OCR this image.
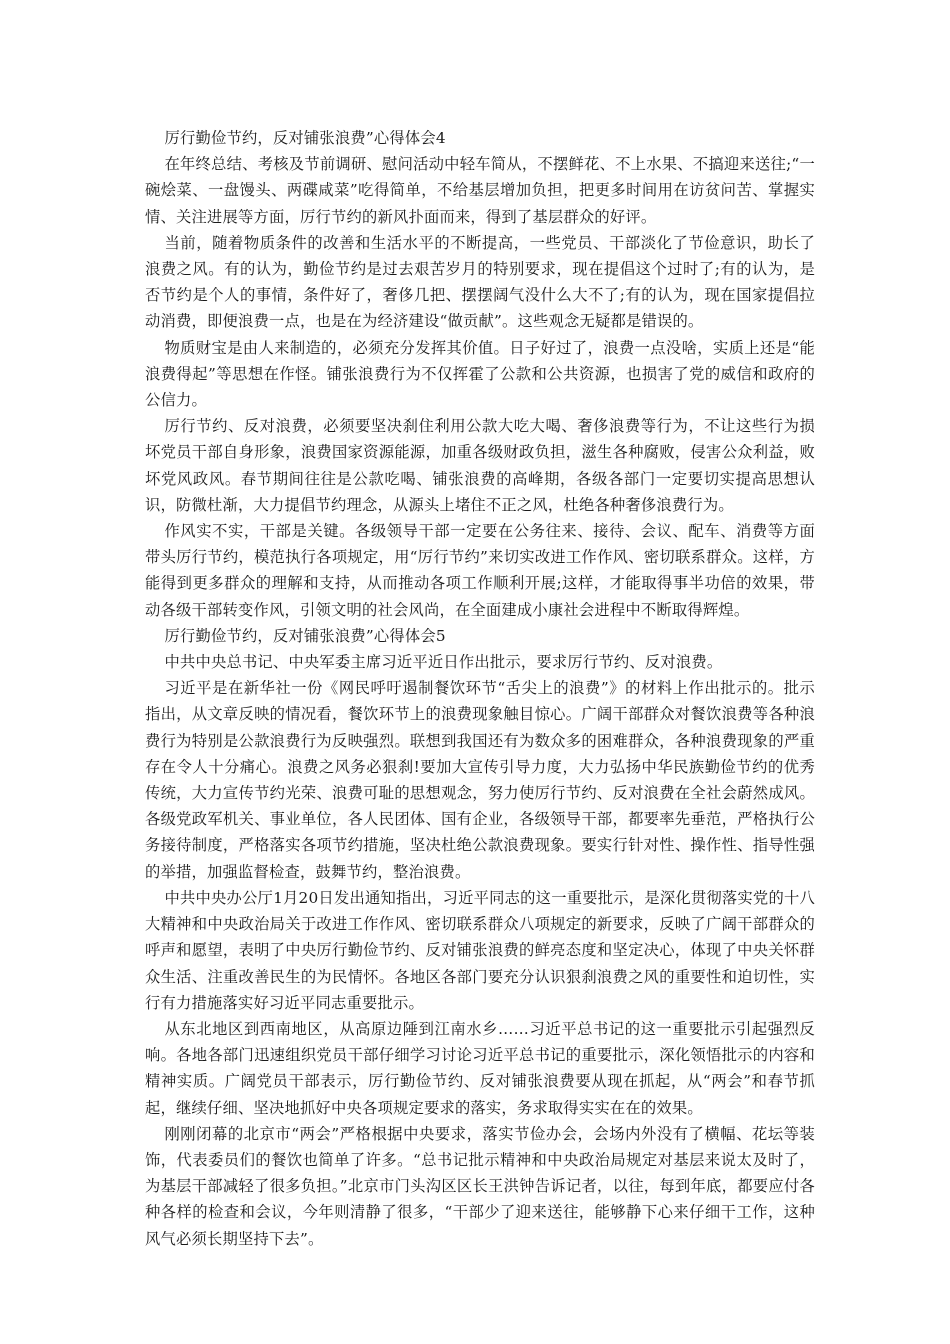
厉行勤俭节约，反对铺张浪费”心得体会4

在年终总结、考核及节前调研、慰问活动中轻车简从，不摆鲜花、不上水果、不搞迎来送往;“一碗烩菜、一盘馒头、两碟咸菜”吃得简单，不给基层增加负担，把更多时间用在访贫问苦、掌握实情、关注进展等方面，厉行节约的新风扑面而来，得到了基层群众的好评。

当前，随着物质条件的改善和生活水平的不断提高，一些党员、干部淡化了节俭意识，助长了浪费之风。有的认为，勤俭节约是过去艰苦岁月的特别要求，现在提倡这个过时了;有的认为，是否节约是个人的事情，条件好了，奢侈几把、摆摆阔气没什么大不了;有的认为，现在国家提倡拉动消费，即便浪费一点，也是在为经济建设“做贡献”。这些观念无疑都是错误的。

物质财宝是由人来制造的，必须充分发挥其价值。日子好过了，浪费一点没啥，实质上还是“能浪费得起”等思想在作怪。铺张浪费行为不仅挥霍了公款和公共资源，也损害了党的威信和政府的公信力。

厉行节约、反对浪费，必须要坚决刹住利用公款大吃大喝、奢侈浪费等行为，不让这些行为损坏党员干部自身形象，浪费国家资源能源，加重各级财政负担，滋生各种腐败，侵害公众利益，败坏党风政风。春节期间往往是公款吃喝、铺张浪费的高峰期，各级各部门一定要切实提高思想认识，防微杜渐，大力提倡节约理念，从源头上堵住不正之风，杜绝各种奢侈浪费行为。

作风实不实，干部是关键。各级领导干部一定要在公务往来、接待、会议、配车、消费等方面带头厉行节约，模范执行各项规定，用“厉行节约”来切实改进工作作风、密切联系群众。这样，方能得到更多群众的理解和支持，从而推动各项工作顺利开展;这样，才能取得事半功倍的效果，带动各级干部转变作风，引领文明的社会风尚，在全面建成小康社会进程中不断取得辉煌。

厉行勤俭节约，反对铺张浪费”心得体会5

中共中央总书记、中央军委主席习近平近日作出批示，要求厉行节约、反对浪费。

习近平是在新华社一份《网民呼吁遏制餐饮环节“舌尖上的浪费”》的材料上作出批示的。批示指出，从文章反映的情况看，餐饮环节上的浪费现象触目惊心。广阔干部群众对餐饮浪费等各种浪费行为特别是公款浪费行为反映强烈。联想到我国还有为数众多的困难群众，各种浪费现象的严重存在令人十分痛心。浪费之风务必狠刹!要加大宣传引导力度，大力弘扬中华民族勤俭节约的优秀传统，大力宣传节约光荣、浪费可耻的思想观念，努力使厉行节约、反对浪费在全社会蔚然成风。各级党政军机关、事业单位，各人民团体、国有企业，各级领导干部，都要率先垂范，严格执行公务接待制度，严格落实各项节约措施，坚决杜绝公款浪费现象。要实行针对性、操作性、指导性强的举措，加强监督检查，鼓舞节约，整治浪费。

中共中央办公厅1月20日发出通知指出，习近平同志的这一重要批示，是深化贯彻落实党的十八大精神和中央政治局关于改进工作作风、密切联系群众八项规定的新要求，反映了广阔干部群众的呼声和愿望，表明了中央厉行勤俭节约、反对铺张浪费的鲜亮态度和坚定决心，体现了中央关怀群众生活、注重改善民生的为民情怀。各地区各部门要充分认识狠刹浪费之风的重要性和迫切性，实行有力措施落实好习近平同志重要批示。

从东北地区到西南地区，从高原边陲到江南水乡……习近平总书记的这一重要批示引起强烈反响。各地各部门迅速组织党员干部仔细学习讨论习近平总书记的重要批示，深化领悟批示的内容和精神实质。广阔党员干部表示，厉行勤俭节约、反对铺张浪费要从现在抓起，从“两会”和春节抓起，继续仔细、坚决地抓好中央各项规定要求的落实，务求取得实实在在的效果。

刚刚闭幕的北京市“两会”严格根据中央要求，落实节俭办会，会场内外没有了横幅、花坛等装饰，代表委员们的餐饮也简单了许多。“总书记批示精神和中央政治局规定对基层来说太及时了，为基层干部减轻了很多负担。”北京市门头沟区区长王洪钟告诉记者，以往，每到年底，都要应付各种各样的检查和会议，今年则清静了很多，“干部少了迎来送往，能够静下心来仔细干工作，这种风气必须长期坚持下去”。
